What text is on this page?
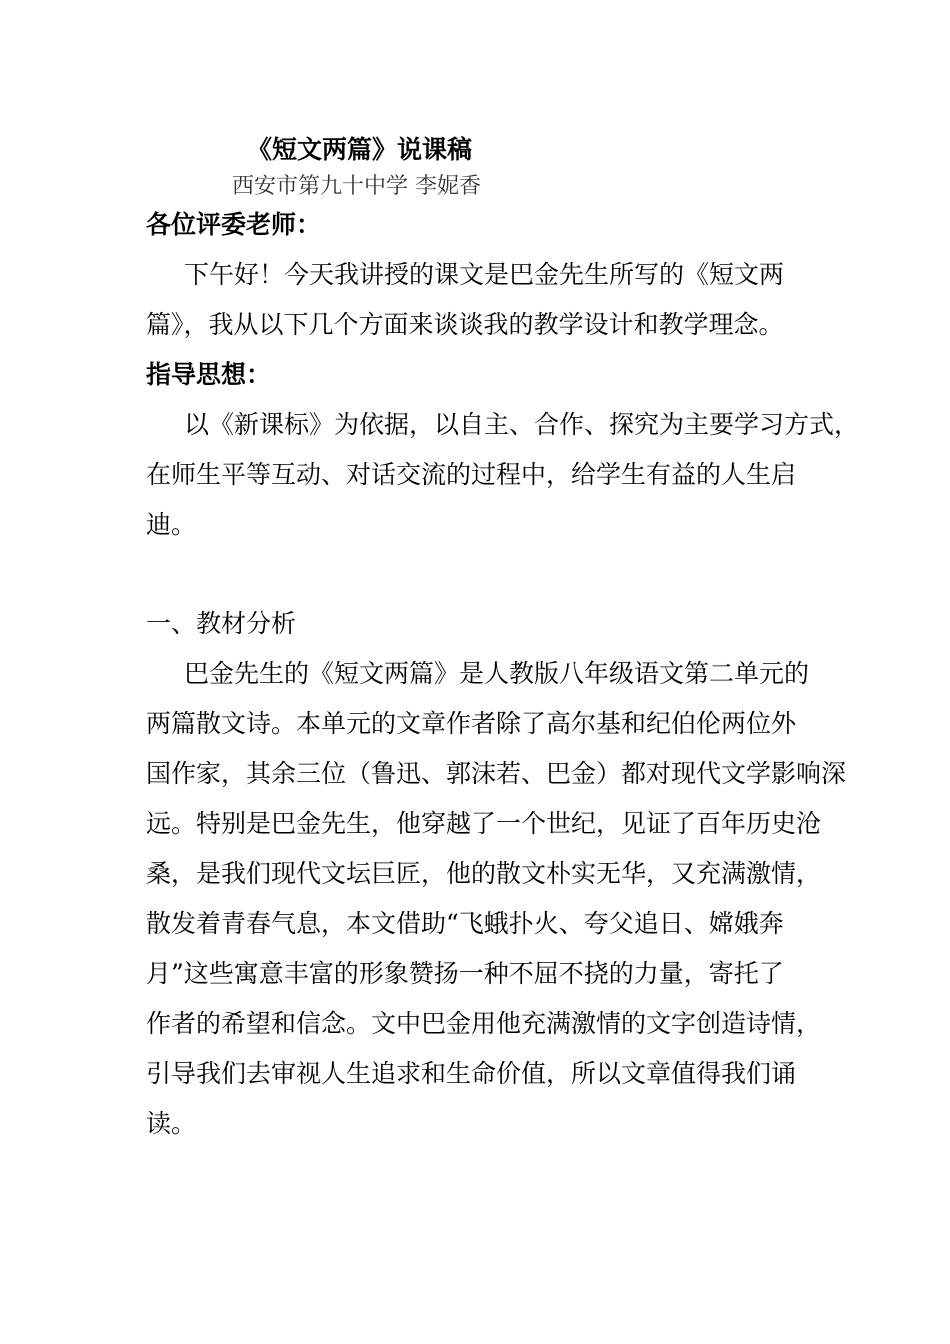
《短文两篇》说课稿
西安市第九十中学 李妮香
各位评委老师：
下午好！今天我讲授的课文是巴金先生所写的《短文两
篇》，我从以下几个方面来谈谈我的教学设计和教学理念。
指导思想：
以《新课标》为依据，以自主、合作、探究为主要学习方式，
在师生平等互动、对话交流的过程中，给学生有益的人生启
迪。
一、教材分析
巴金先生的《短文两篇》是人教版八年级语文第二单元的
两篇散文诗。本单元的文章作者除了高尔基和纪伯伦两位外
国作家，其余三位（鲁迅、郭沫若、巴金）都对现代文学影响深
远。特别是巴金先生，他穿越了一个世纪，见证了百年历史沧
桑，是我们现代文坛巨匠，他的散文朴实无华，又充满激情，
散发着青春气息，本文借助“飞蛾扑火、夸父追日、嫦娥奔
月”这些寓意丰富的形象赞扬一种不屈不挠的力量，寄托了
作者的希望和信念。文中巴金用他充满激情的文字创造诗情，
引导我们去审视人生追求和生命价值，所以文章值得我们诵
读。
